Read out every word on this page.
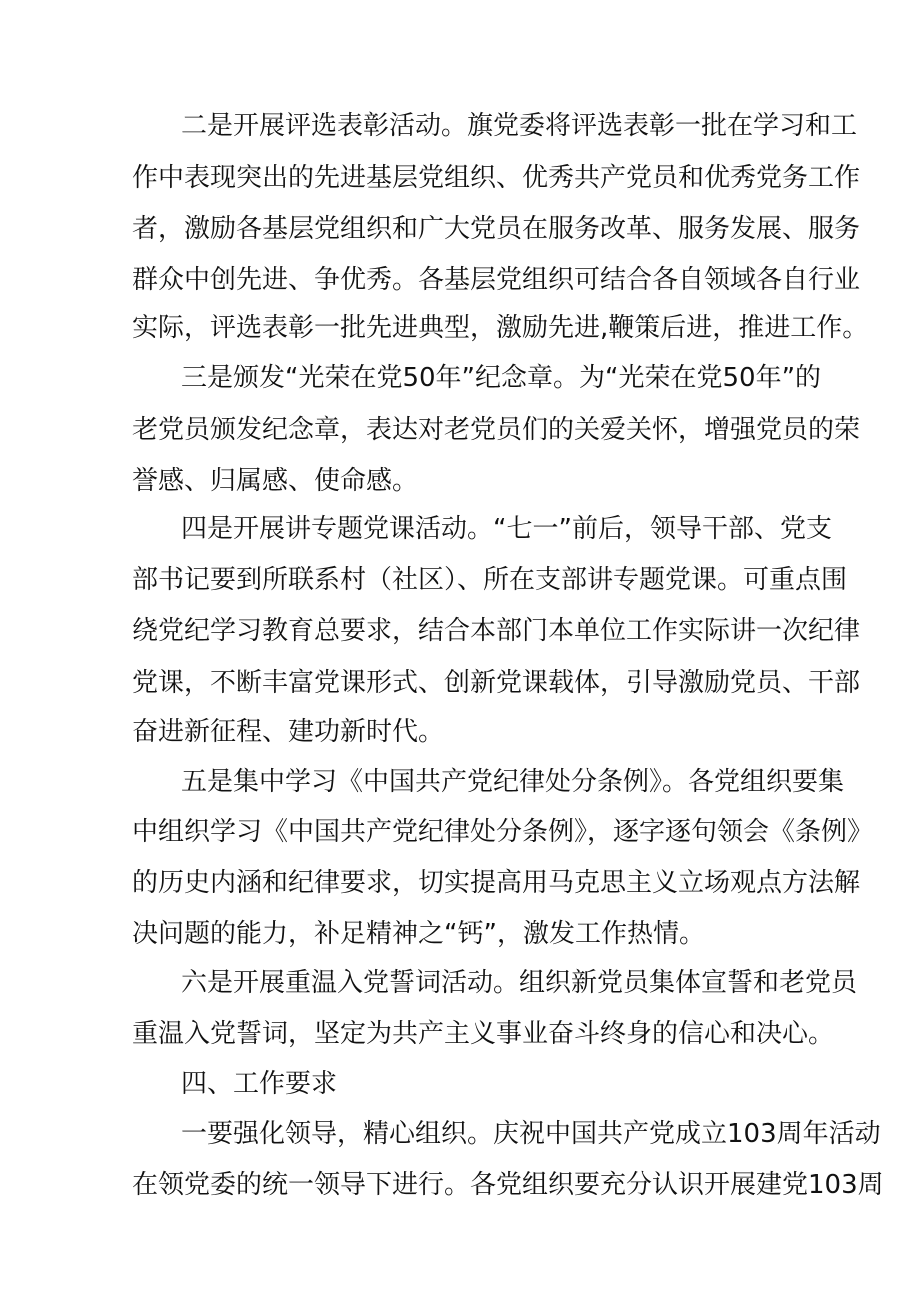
二是开展评选表彰活动。旗党委将评选表彰一批在学习和工
作中表现突出的先进基层党组织、优秀共产党员和优秀党务工作
者，激励各基层党组织和广大党员在服务改革、服务发展、服务
群众中创先进、争优秀。各基层党组织可结合各自领域各自行业
实际，评选表彰一批先进典型，激励先进,鞭策后进，推进工作。
三是颁发“光荣在党50年”纪念章。为“光荣在党50年”的
老党员颁发纪念章，表达对老党员们的关爱关怀，增强党员的荣
誉感、归属感、使命感。
四是开展讲专题党课活动。“七一”前后，领导干部、党支
部书记要到所联系村（社区）、所在支部讲专题党课。可重点围
绕党纪学习教育总要求，结合本部门本单位工作实际讲一次纪律
党课，不断丰富党课形式、创新党课载体，引导激励党员、干部
奋进新征程、建功新时代。
五是集中学习《中国共产党纪律处分条例》。各党组织要集
中组织学习《中国共产党纪律处分条例》，逐字逐句领会《条例》
的历史内涵和纪律要求，切实提高用马克思主义立场观点方法解
决问题的能力，补足精神之“钙”，激发工作热情。
六是开展重温入党誓词活动。组织新党员集体宣誓和老党员
重温入党誓词，坚定为共产主义事业奋斗终身的信心和决心。
四、工作要求
一要强化领导，精心组织。庆祝中国共产党成立103周年活动
在领党委的统一领导下进行。各党组织要充分认识开展建党103周
